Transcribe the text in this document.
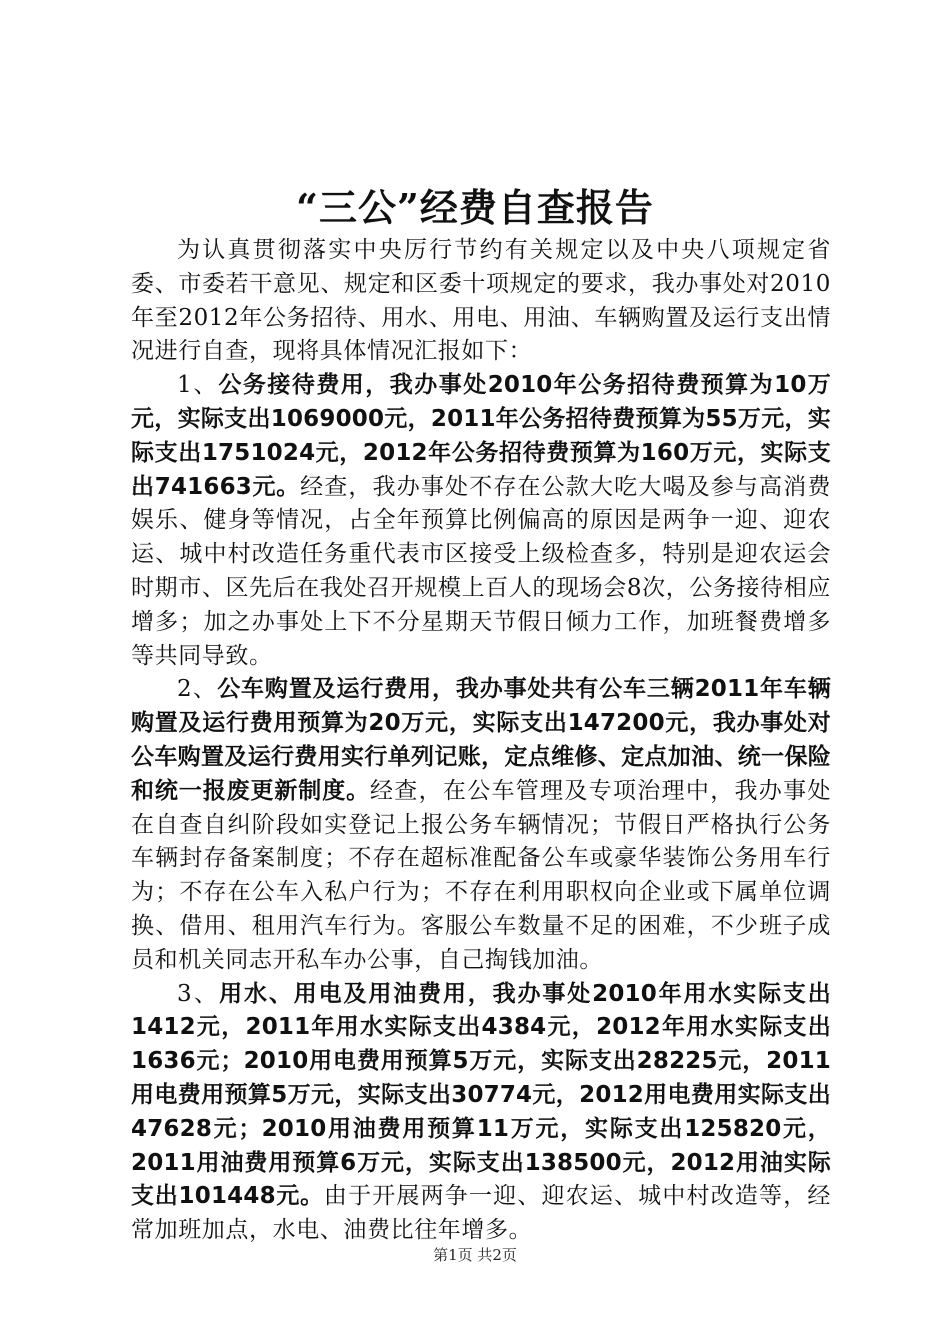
“三公”经费自查报告

为认真贯彻落实中央厉行节约有关规定以及中央八项规定省委、市委若干意见、规定和区委十项规定的要求，我办事处对2010年至2012年公务招待、用水、用电、用油、车辆购置及运行支出情况进行自查，现将具体情况汇报如下：

1、公务接待费用，我办事处2010年公务招待费预算为10万元，实际支出1069000元，2011年公务招待费预算为55万元，实际支出1751024元，2012年公务招待费预算为160万元，实际支出741663元。经查，我办事处不存在公款大吃大喝及参与高消费娱乐、健身等情况，占全年预算比例偏高的原因是两争一迎、迎农运、城中村改造任务重代表市区接受上级检查多，特别是迎农运会时期市、区先后在我处召开规模上百人的现场会8次，公务接待相应增多；加之办事处上下不分星期天节假日倾力工作，加班餐费增多等共同导致。

2、公车购置及运行费用，我办事处共有公车三辆2011年车辆购置及运行费用预算为20万元，实际支出147200元，我办事处对公车购置及运行费用实行单列记账，定点维修、定点加油、统一保险和统一报废更新制度。经查，在公车管理及专项治理中，我办事处在自查自纠阶段如实登记上报公务车辆情况；节假日严格执行公务车辆封存备案制度；不存在超标准配备公车或豪华装饰公务用车行为；不存在公车入私户行为；不存在利用职权向企业或下属单位调换、借用、租用汽车行为。客服公车数量不足的困难，不少班子成员和机关同志开私车办公事，自己掏钱加油。

3、用水、用电及用油费用，我办事处2010年用水实际支出1412元，2011年用水实际支出4384元，2012年用水实际支出1636元；2010用电费用预算5万元，实际支出28225元，2011用电费用预算5万元，实际支出30774元，2012用电费用实际支出47628元；2010用油费用预算11万元，实际支出125820元，2011用油费用预算6万元，实际支出138500元，2012用油实际支出101448元。由于开展两争一迎、迎农运、城中村改造等，经常加班加点，水电、油费比往年增多。

第1页 共2页
